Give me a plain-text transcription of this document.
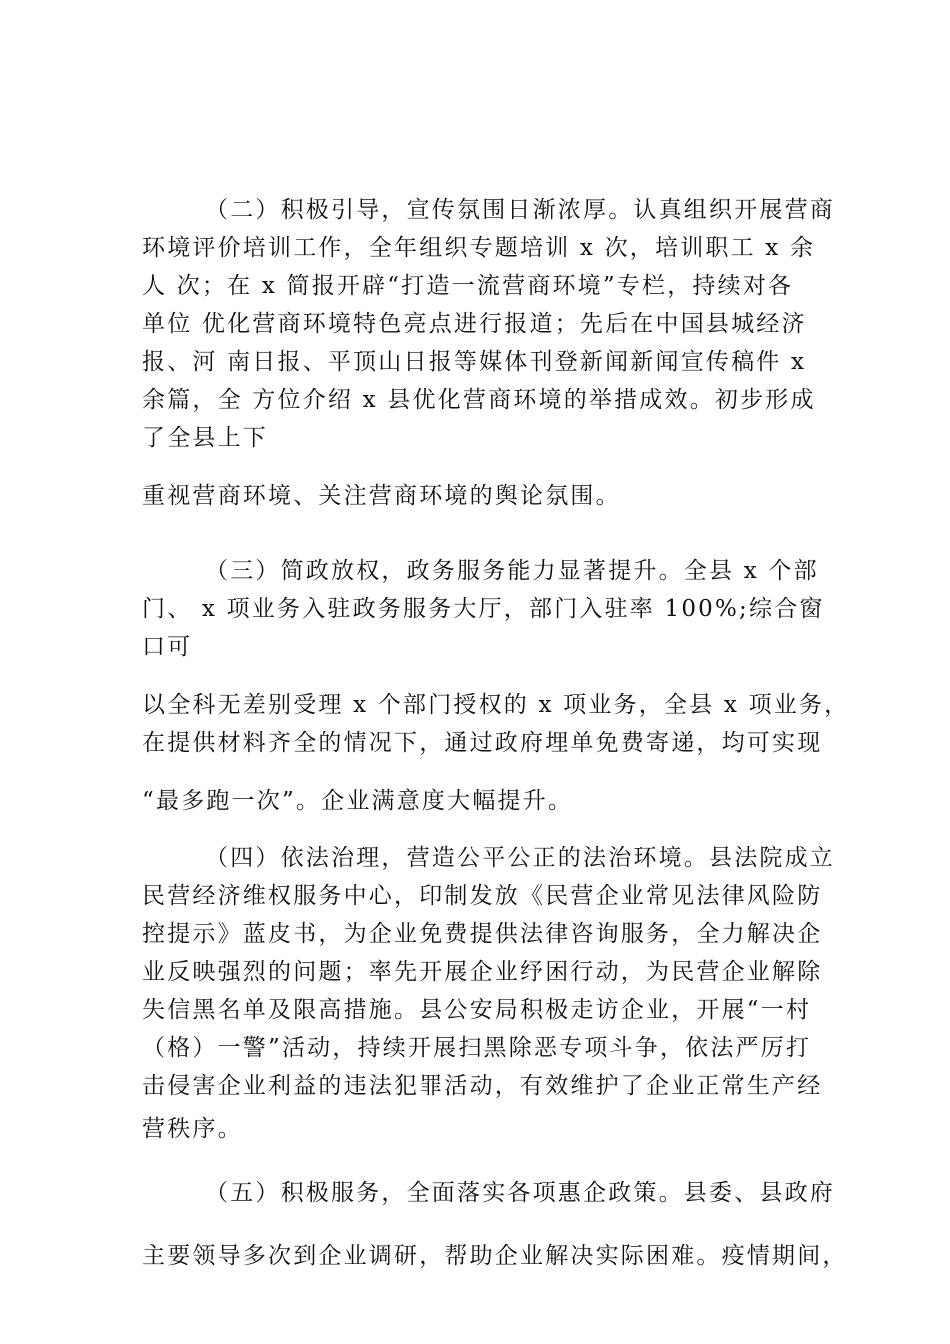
（二）积极引导，宣传氛围日渐浓厚。认真组织开展营商
环境评价培训工作，全年组织专题培训 x 次，培训职工 x 余
人 次；在 x 简报开辟“打造一流营商环境”专栏，持续对各
单位 优化营商环境特色亮点进行报道；先后在中国县城经济
报、河 南日报、平顶山日报等媒体刊登新闻新闻宣传稿件 x
余篇，全 方位介绍 x 县优化营商环境的举措成效。初步形成
了全县上下
重视营商环境、关注营商环境的舆论氛围。
（三）简政放权，政务服务能力显著提升。全县 x 个部
门、 x 项业务入驻政务服务大厅，部门入驻率 100%;综合窗
口可
以全科无差别受理 x 个部门授权的 x 项业务，全县 x 项业务，
在提供材料齐全的情况下，通过政府埋单免费寄递，均可实现
“最多跑一次”。企业满意度大幅提升。
（四）依法治理，营造公平公正的法治环境。县法院成立
民营经济维权服务中心，印制发放《民营企业常见法律风险防
控提示》蓝皮书，为企业免费提供法律咨询服务，全力解决企
业反映强烈的问题；率先开展企业纾困行动，为民营企业解除
失信黑名单及限高措施。县公安局积极走访企业，开展“一村
（格）一警”活动，持续开展扫黑除恶专项斗争，依法严厉打
击侵害企业利益的违法犯罪活动，有效维护了企业正常生产经
营秩序。
（五）积极服务，全面落实各项惠企政策。县委、县政府
主要领导多次到企业调研，帮助企业解决实际困难。疫情期间，
